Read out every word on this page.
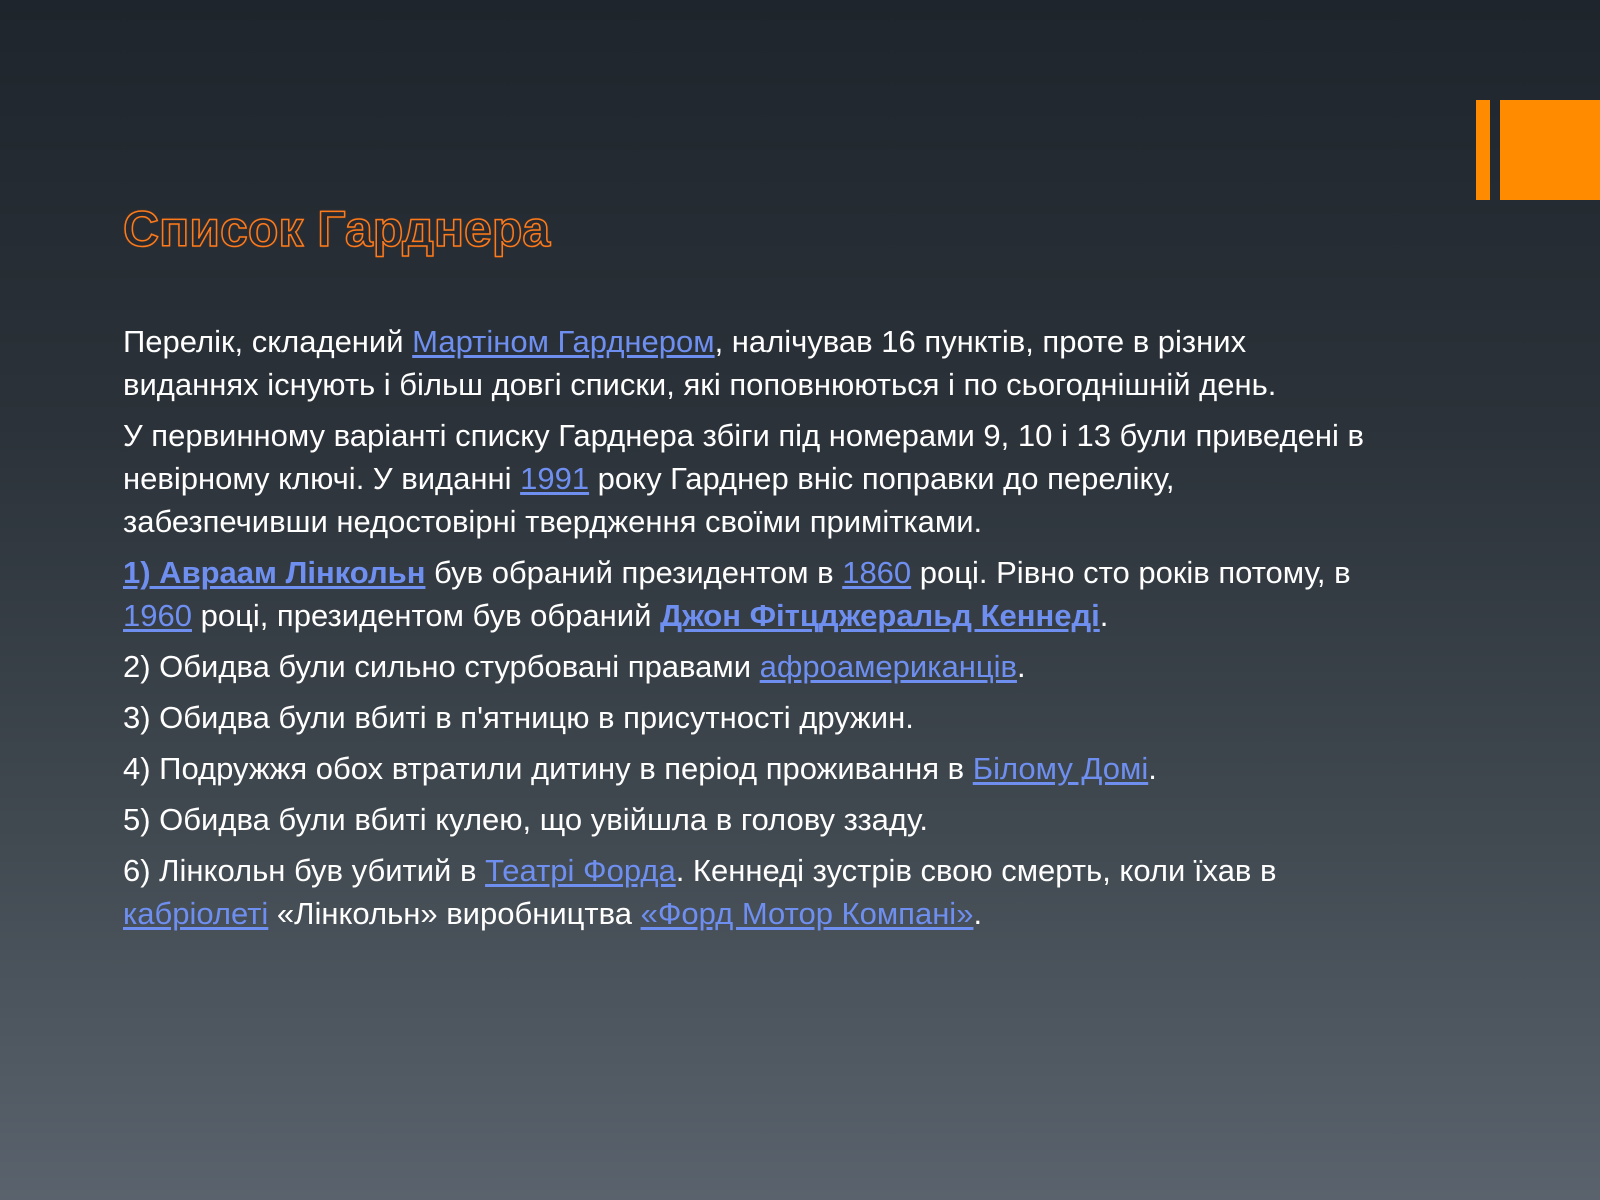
Список Гарднера

Перелік, складений Мартіном Гарднером, налічував 16 пунктів, проте в різних виданнях існують і більш довгі списки, які поповнюються і по сьогоднішній день.

У первинному варіанті списку Гарднера збіги під номерами 9, 10 і 13 були приведені в невірному ключі. У виданні 1991 року Гарднер вніс поправки до переліку, забезпечивши недостовірні твердження своїми примітками.

1) Авраам Лінкольн був обраний президентом в 1860 році. Рівно сто років потому, в 1960 році, президентом був обраний Джон Фітцджеральд Кеннеді.

2) Обидва були сильно стурбовані правами афроамериканців.

3) Обидва були вбиті в п'ятницю в присутності дружин.

4) Подружжя обох втратили дитину в період проживання в Білому Домі.

5) Обидва були вбиті кулею, що увійшла в голову ззаду.

6) Лінкольн був убитий в Театрі Форда. Кеннеді зустрів свою смерть, коли їхав в кабріолеті «Лінкольн» виробництва «Форд Мотор Компані».
